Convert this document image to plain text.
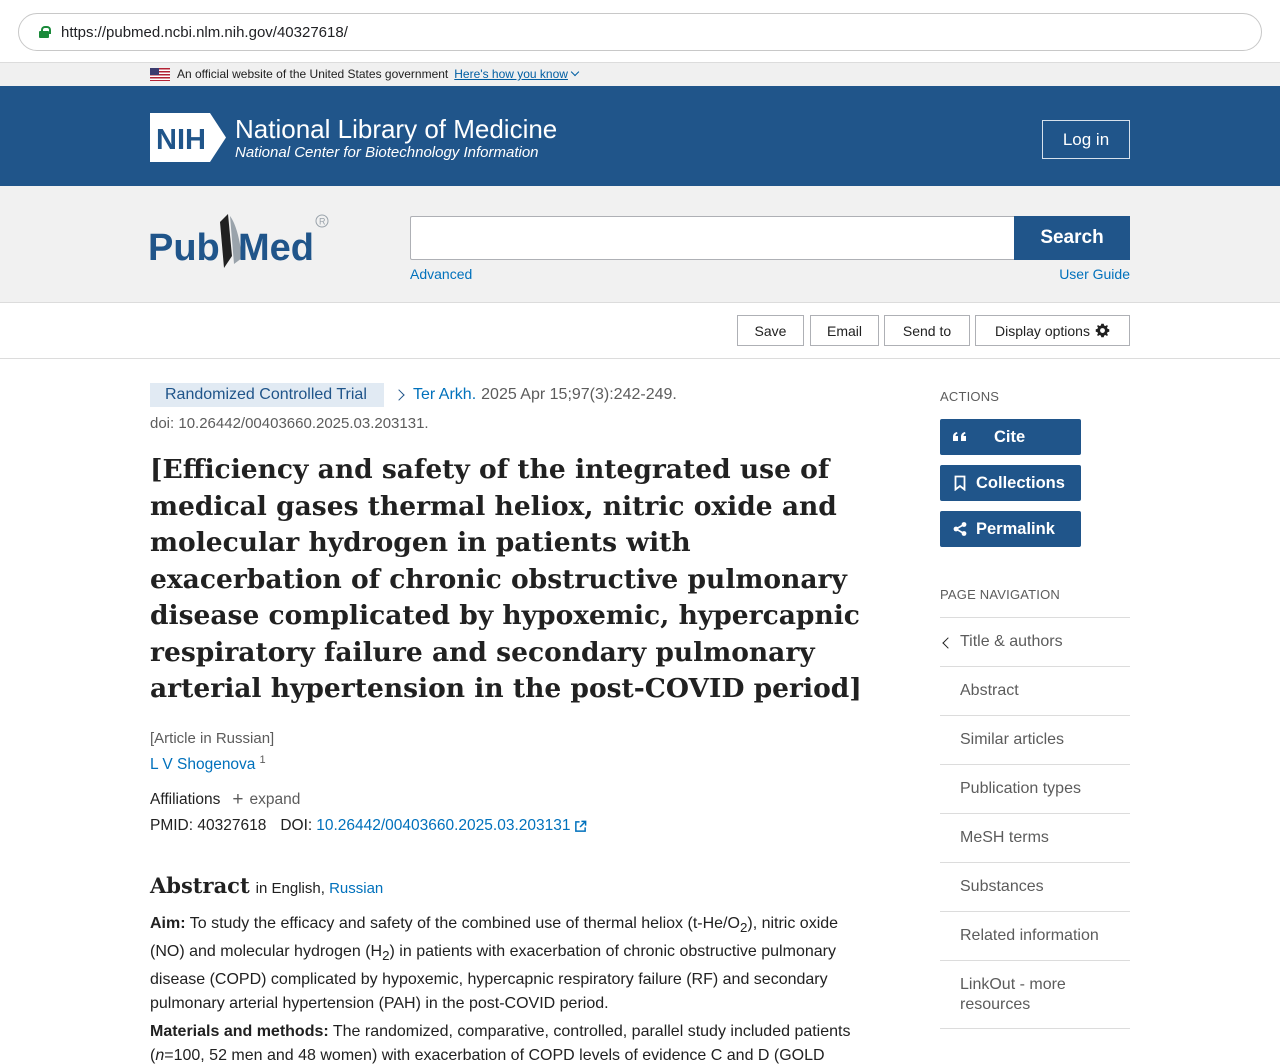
https://pubmed.ncbi.nlm.nih.gov/40327618/
An official website of the United States government Here's how you know
NIH National Library of Medicine
National Center for Biotechnology Information
Log in
Pub Med
R
Search
Advanced	User Guide
Save	Email	Send to	Display options
Randomized Controlled Trial	Ter Arkh. 2025 Apr 15;97(3):242-249.
doi: 10.26442/00403660.2025.03.203131.
[Efficiency and safety of the integrated use of medical gases thermal heliox, nitric oxide and molecular hydrogen in patients with exacerbation of chronic obstructive pulmonary disease complicated by hypoxemic, hypercapnic respiratory failure and secondary pulmonary arterial hypertension in the post-COVID period]
[Article in Russian]
L V Shogenova $^1$
Affiliations + expand
PMID: 40327618 DOI: 10.26442/00403660.2025.03.203131
Abstract in English, Russian

Aim: To study the efficacy and safety of the combined use of thermal heliox $(t-He/O_2)$, nitric oxide (NO) and molecular hydrogen $(H_2)$ in patients with exacerbation of chronic obstructive pulmonary disease (COPD) complicated by hypoxemic, hypercapnic respiratory failure (RF) and secondary pulmonary arterial hypertension (PAH) in the post-COVID period.

Materials and methods: The randomized, comparative, controlled, parallel study included patients (n=100, 52 men and 48 women) with exacerbation of COPD levels of evidence C and D (GOLD

ACTIONS
Cite
Collections
Permalink
PAGE NAVIGATION
Title & authors
Abstract
Similar articles
Publication types
MeSH terms
Substances
Related information
LinkOut - more resources
